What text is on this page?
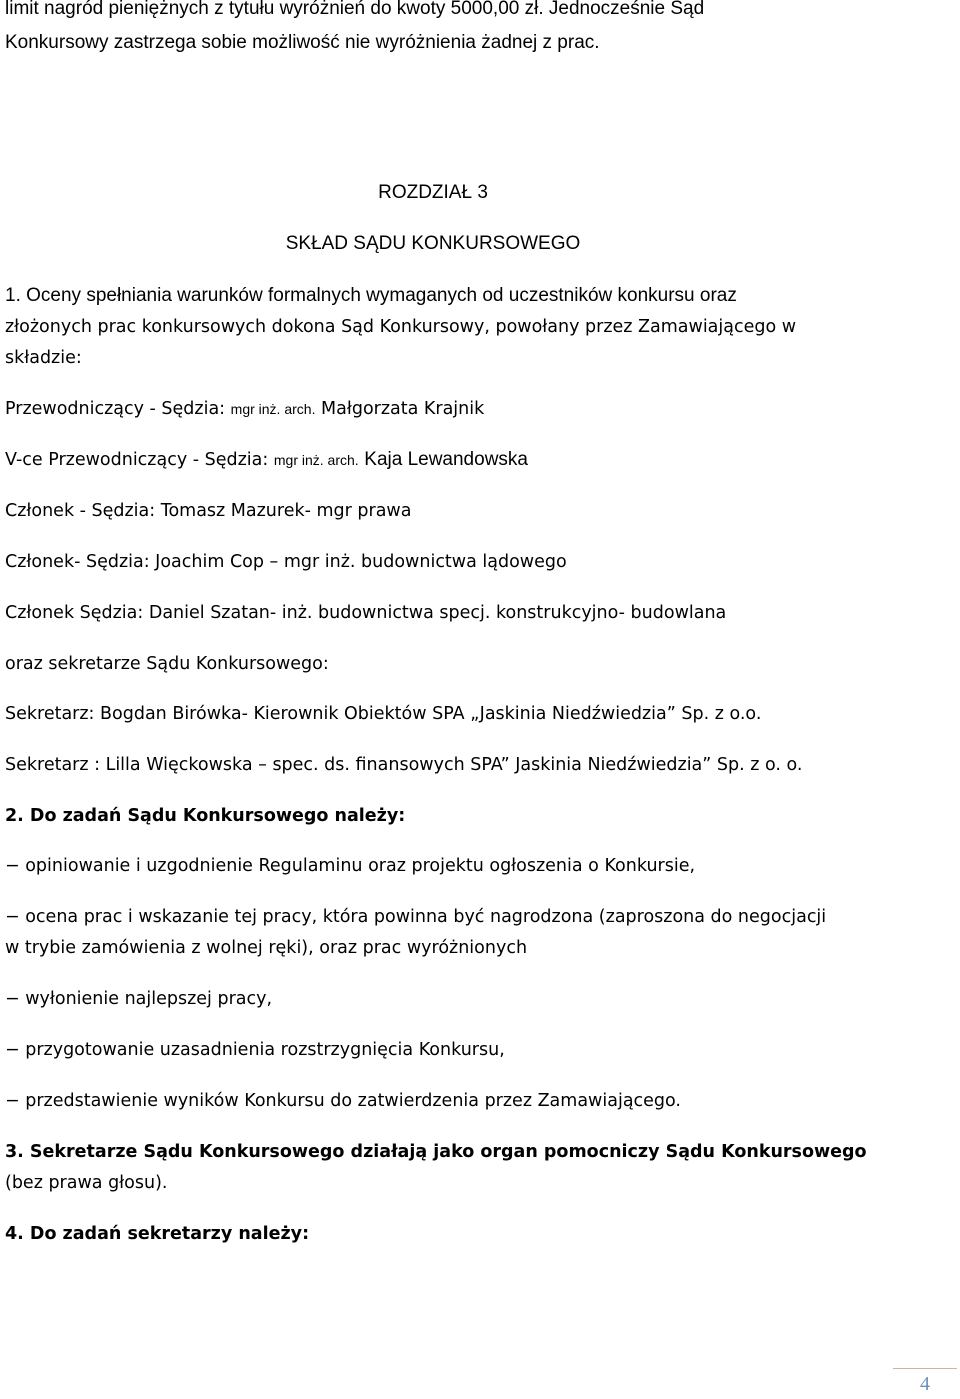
limit nagród pieniężnych z tytułu wyróżnień do kwoty 5000,00 zł. Jednocześnie Sąd
Konkursowy zastrzega sobie możliwość nie wyróżnienia żadnej z prac.
ROZDZIAŁ 3
SKŁAD SĄDU KONKURSOWEGO
1. Oceny spełniania warunków formalnych wymaganych od uczestników konkursu oraz
złożonych prac konkursowych dokona Sąd Konkursowy, powołany przez Zamawiającego w
składzie:
Przewodniczący - Sędzia: mgr inż. arch. Małgorzata Krajnik
V-ce Przewodniczący - Sędzia: mgr inż. arch. Kaja Lewandowska
Członek - Sędzia: Tomasz Mazurek- mgr prawa
Członek- Sędzia: Joachim Cop – mgr inż. budownictwa lądowego
Członek Sędzia: Daniel Szatan- inż. budownictwa specj. konstrukcyjno- budowlana
oraz sekretarze Sądu Konkursowego:
Sekretarz: Bogdan Birówka- Kierownik Obiektów SPA „Jaskinia Niedźwiedzia” Sp. z o.o.
Sekretarz : Lilla Więckowska – spec. ds. finansowych SPA” Jaskinia Niedźwiedzia” Sp. z o. o.
2. Do zadań Sądu Konkursowego należy:
− opiniowanie i uzgodnienie Regulaminu oraz projektu ogłoszenia o Konkursie,
− ocena prac i wskazanie tej pracy, która powinna być nagrodzona (zaproszona do negocjacji
w trybie zamówienia z wolnej ręki), oraz prac wyróżnionych
− wyłonienie najlepszej pracy,
− przygotowanie uzasadnienia rozstrzygnięcia Konkursu,
− przedstawienie wyników Konkursu do zatwierdzenia przez Zamawiającego.
3. Sekretarze Sądu Konkursowego działają jako organ pomocniczy Sądu Konkursowego
(bez prawa głosu).
4. Do zadań sekretarzy należy:
4
